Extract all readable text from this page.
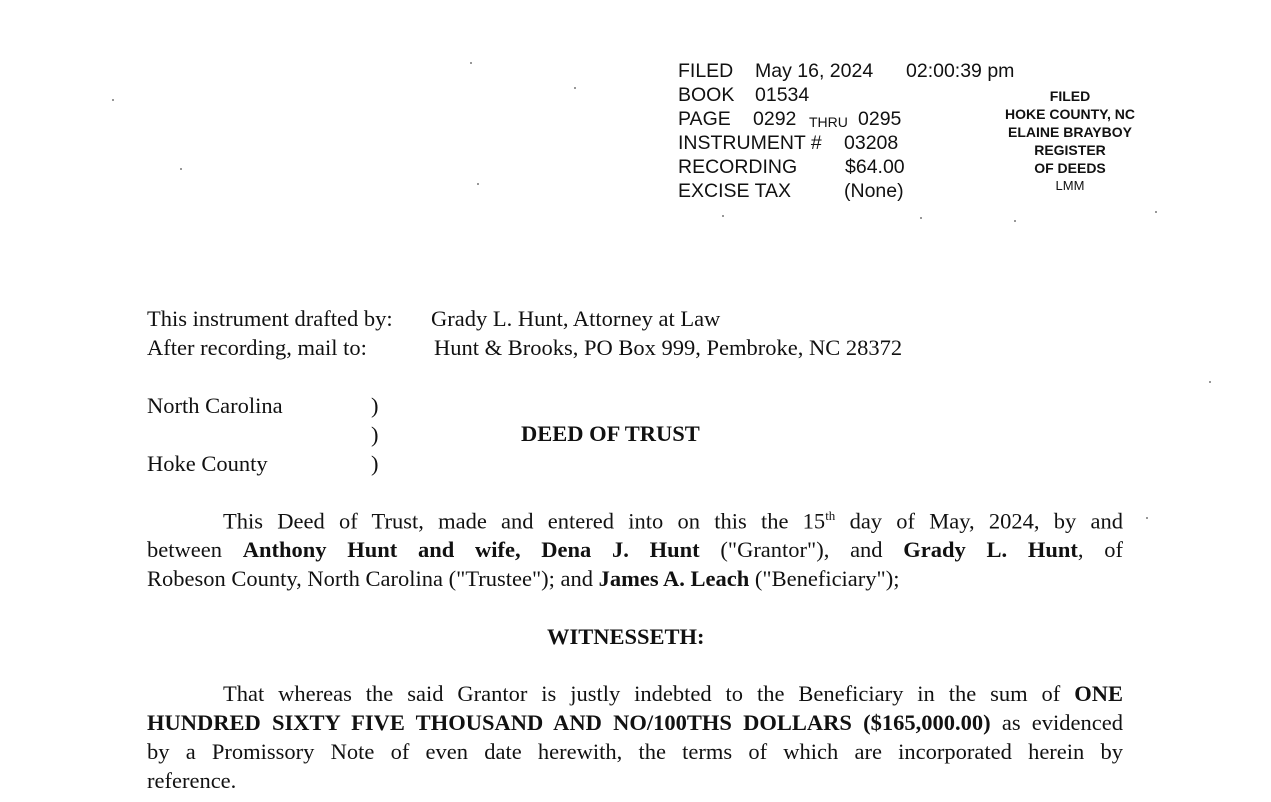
FILED May 16, 2024 02:00:39 pm
BOOK 01534
PAGE 0292 THRU 0295
INSTRUMENT # 03208
RECORDING $64.00
EXCISE TAX	(None)
FILED
HOKE COUNTY, NC
ELAINE BRAYBOY
REGISTER
OF DEEDS
LMM
This instrument drafted by: Grady L. Hunt, Attorney at Law
After recording, mail to:	Hunt & Brooks, PO Box 999, Pembroke, NC 28372
North Carolina	)
)
Hoke County	)
DEED OF TRUST
This Deed of Trust, made and entered into on this the 15th day of May, 2024, by and
between Anthony Hunt and wife, Dena J. Hunt ("Grantor"), and Grady L. Hunt, of
Robeson County, North Carolina ("Trustee"); and James A. Leach ("Beneficiary");
WITNESSETH:
That whereas the said Grantor is justly indebted to the Beneficiary in the sum of ONE
HUNDRED SIXTY FIVE THOUSAND AND NO/100THS DOLLARS ($165,000.00) as evidenced
by a Promissory Note of even date herewith, the terms of which are incorporated herein by
reference.
